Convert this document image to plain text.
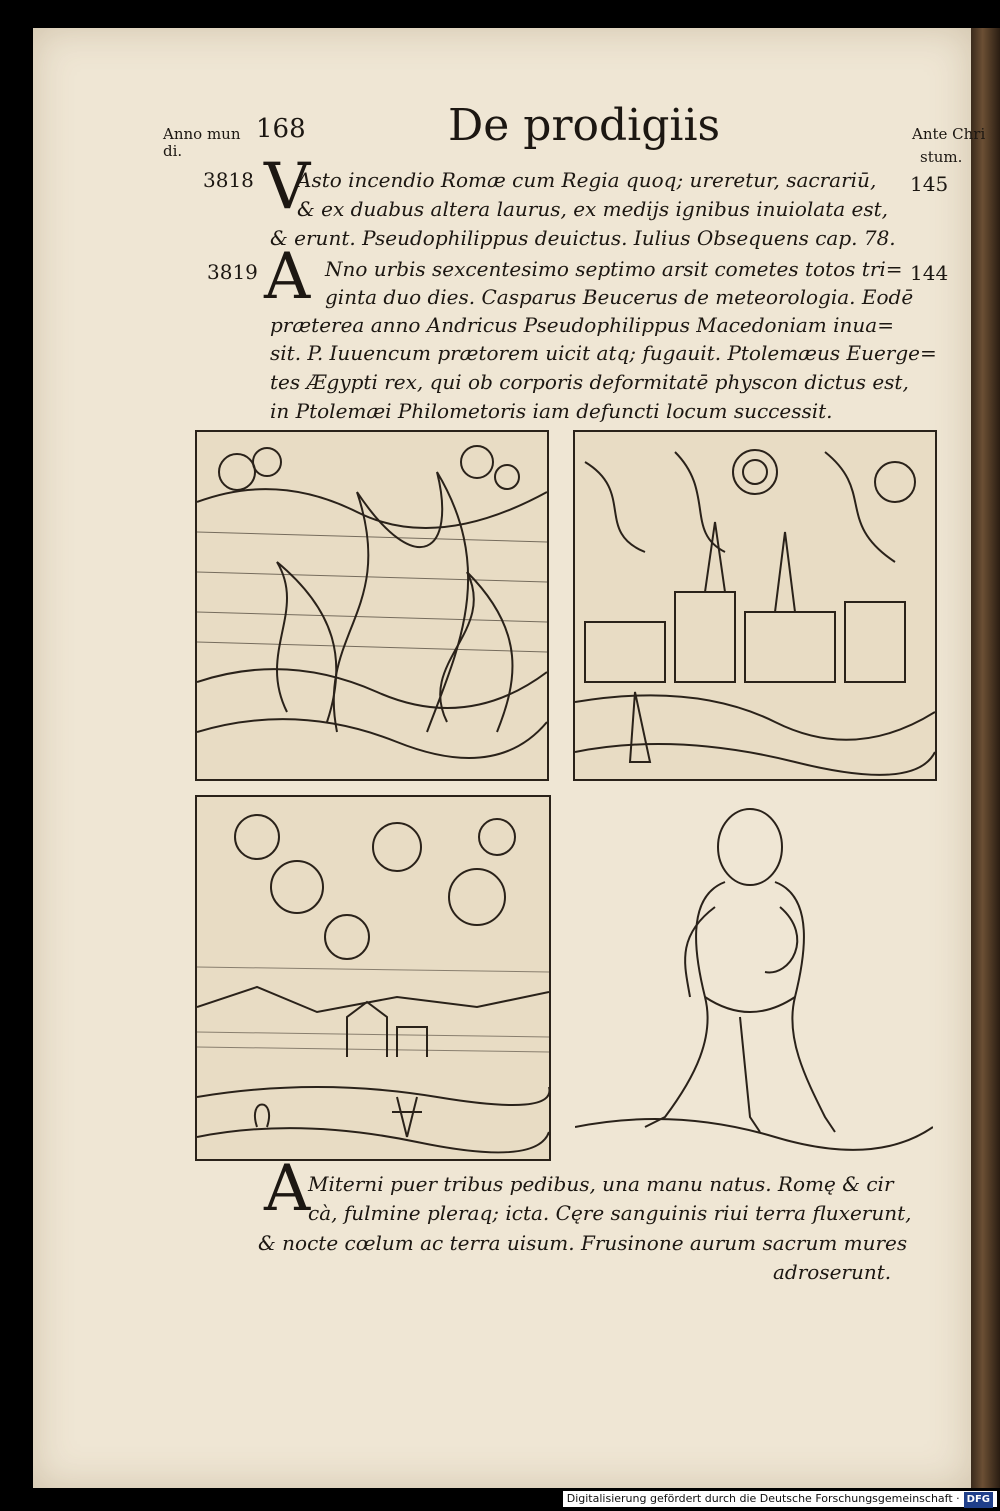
168	De prodigiis
Anno mun
di.
Ante Chri
stum.
3818	145
V
Asto incendio Romæ cum Regia quoq; ureretur, sacrariū,
& ex duabus altera laurus, ex medijs ignibus inuiolata est,
& erunt. Pseudophilippus deuictus. Iulius Obsequens cap. 78.
3819	144
A Nno urbis sexcentesimo septimo arsit cometes totos tri=
ginta duo dies. Casparus Beucerus de meteorologia. Eodē
præterea anno Andricus Pseudophilippus Macedoniam inua=
sit. P. Iuuencum prætorem uicit atq; fugauit. Ptolemæus Euerge=
tes Ægypti rex, qui ob corporis deformitatē physcon dictus est,
in Ptolemæi Philometoris iam defuncti locum successit.
A
Miterni puer tribus pedibus, una manu natus. Romę & cir
cà, fulmine pleraq; icta. Cęre sanguinis riui terra fluxerunt,
& nocte cœlum ac terra uisum. Frusinone aurum sacrum mures
adroserunt.
Digitalisierung gefördert durch die Deutsche Forschungsgemeinschaft · DFG
